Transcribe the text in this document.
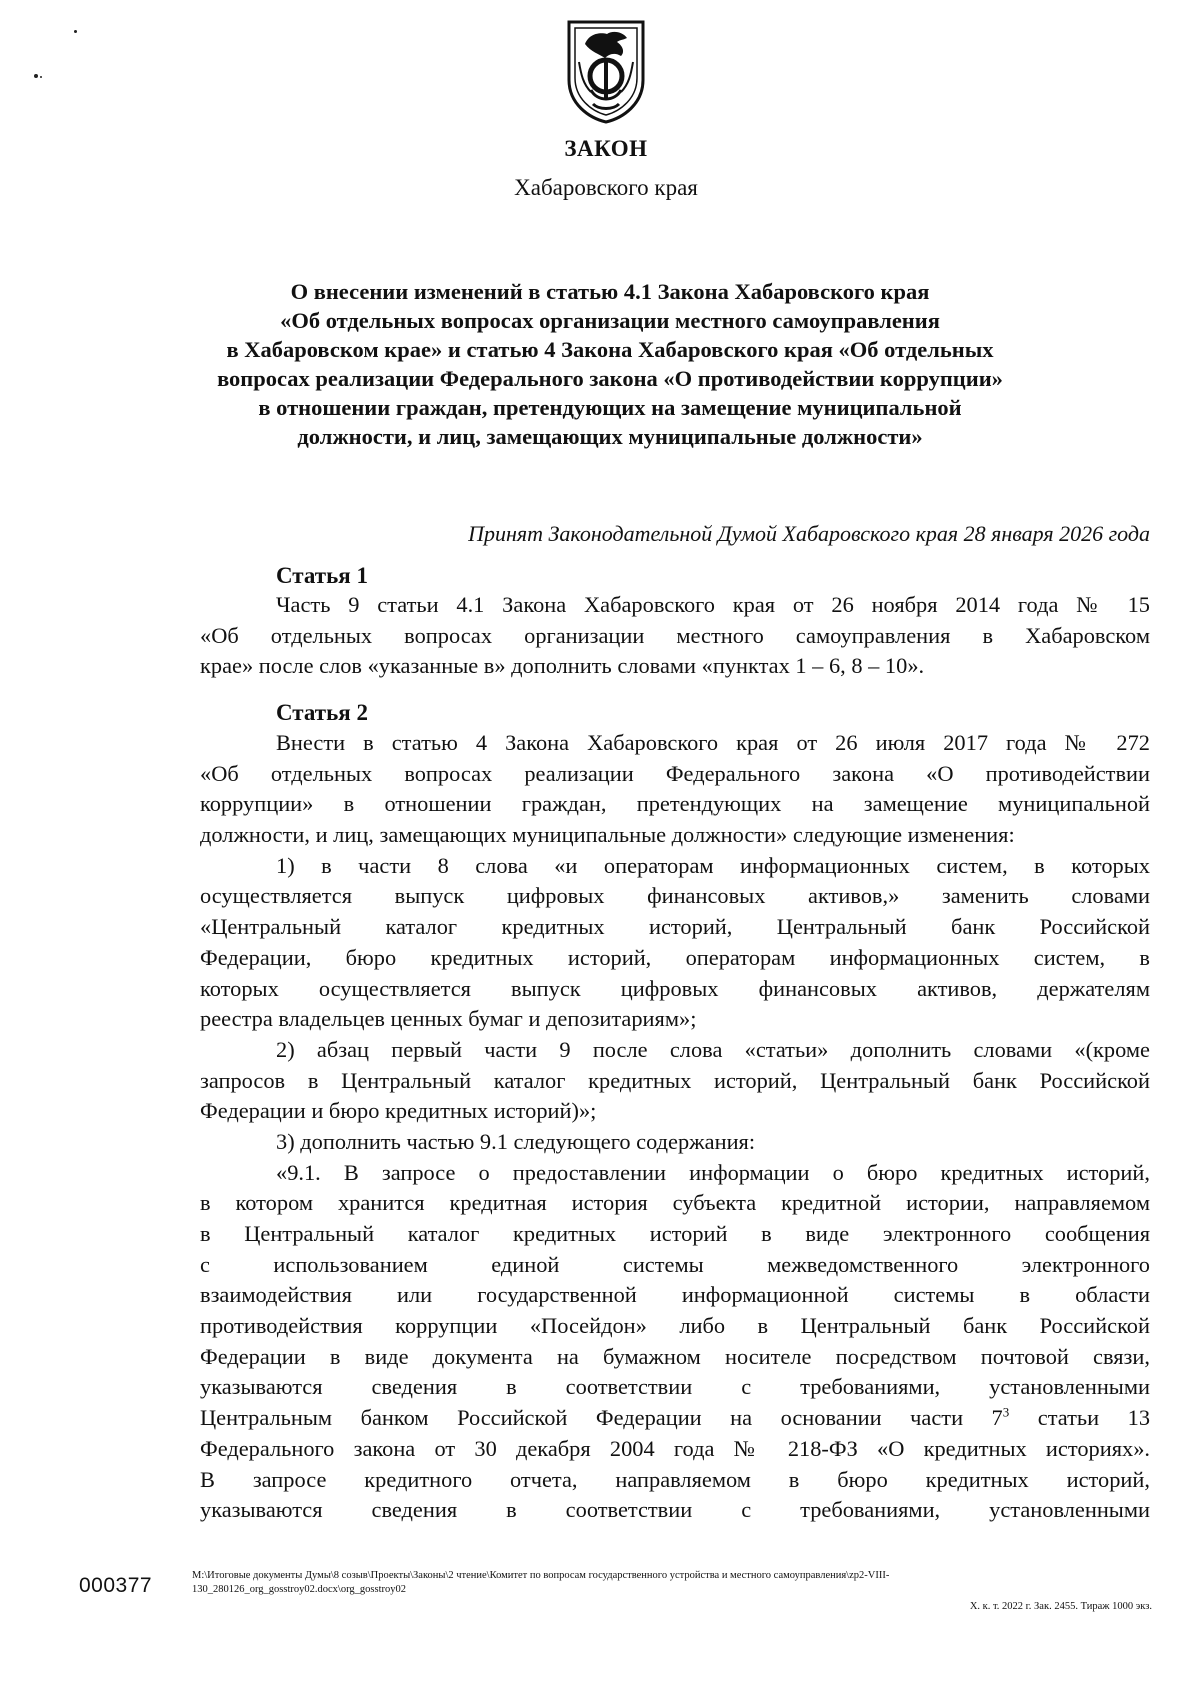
ЗАКОН
Хабаровского края
О внесении изменений в статью 4.1 Закона Хабаровского края
«Об отдельных вопросах организации местного самоуправления
в Хабаровском крае» и статью 4 Закона Хабаровского края «Об отдельных
вопросах реализации Федерального закона «О противодействии коррупции»
в отношении граждан, претендующих на замещение муниципальной
должности, и лиц, замещающих муниципальные должности»
Принят Законодательной Думой Хабаровского края 28 января 2026 года
Статья 1
Часть 9 статьи 4.1 Закона Хабаровского края от 26 ноября 2014 года № 15
«Об отдельных вопросах организации местного самоуправления в Хабаровском
крае» после слов «указанные в» дополнить словами «пунктах 1 – 6, 8 – 10».
Статья 2
Внести в статью 4 Закона Хабаровского края от 26 июля 2017 года № 272
«Об отдельных вопросах реализации Федерального закона «О противодействии
коррупции» в отношении граждан, претендующих на замещение муниципальной
должности, и лиц, замещающих муниципальные должности» следующие изменения:
1) в части 8 слова «и операторам информационных систем, в которых
осуществляется выпуск цифровых финансовых активов,» заменить словами
«Центральный каталог кредитных историй, Центральный банк Российской
Федерации, бюро кредитных историй, операторам информационных систем, в
которых осуществляется выпуск цифровых финансовых активов, держателям
реестра владельцев ценных бумаг и депозитариям»;
2) абзац первый части 9 после слова «статьи» дополнить словами «(кроме
запросов в Центральный каталог кредитных историй, Центральный банк Российской
Федерации и бюро кредитных историй)»;
3) дополнить частью 9.1 следующего содержания:
«9.1. В запросе о предоставлении информации о бюро кредитных историй,
в котором хранится кредитная история субъекта кредитной истории, направляемом
в Центральный каталог кредитных историй в виде электронного сообщения
с использованием единой системы межведомственного электронного
взаимодействия или государственной информационной системы в области
противодействия коррупции «Посейдон» либо в Центральный банк Российской
Федерации в виде документа на бумажном носителе посредством почтовой связи,
указываются сведения в соответствии с требованиями, установленными
Центральным банком Российской Федерации на основании части $7^3$ статьи 13
Федерального закона от 30 декабря 2004 года № 218-ФЗ «О кредитных историях».
В запросе кредитного отчета, направляемом в бюро кредитных историй,
указываются сведения в соответствии с требованиями, установленными
000377	M:\Итоговые документы Думы\8 созыв\Проекты\Законы\2 чтение\Комитет по вопросам государственного устройства и местного самоуправления\zp2-VIII-
130_280126_org_gosstroy02.docx\org_gosstroy02
Х. к. т. 2022 г. Зак. 2455. Тираж 1000 экз.
